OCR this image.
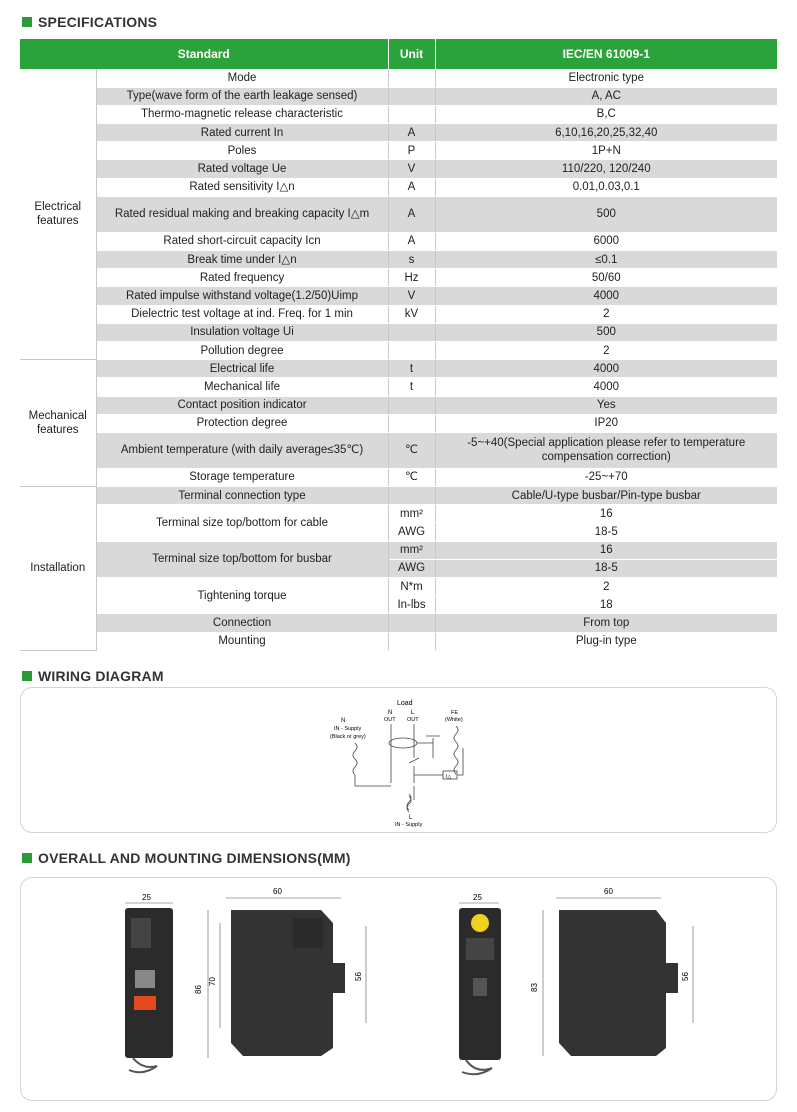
SPECIFICATIONS
Standard		Unit	IEC/EN 61009-1
Electrical features	Mode		Electronic type
	Type(wave form of the earth leakage sensed)		A, AC
	Thermo-magnetic release characteristic		B,C
	Rated current In	A	6,10,16,20,25,32,40
	Poles	P	1P+N
	Rated voltage Ue	V	110/220, 120/240
	Rated sensitivity I△n	A	0.01,0.03,0.1
	Rated residual making and breaking capacity I△m	A	500
	Rated short-circuit capacity Icn	A	6000
	Break time under I△n	s	≤0.1
	Rated frequency	Hz	50/60
	Rated impulse withstand voltage(1.2/50)Uimp	V	4000
	Dielectric test voltage at ind. Freq. for 1 min	kV	2
	Insulation voltage Ui		500
	Pollution degree		2
Mechanical features	Electrical life	t	4000
	Mechanical life	t	4000
	Contact position indicator		Yes
	Protection degree		IP20
	Ambient temperature (with daily average≤35℃)	℃	-5~+40(Special application please refer to temperature compensation correction)
	Storage temperature	℃	-25~+70
Installation	Terminal connection type		Cable/U-type busbar/Pin-type busbar
	Terminal size top/bottom for cable	mm²	16
		AWG	18-5
	Terminal size top/bottom for busbar	mm²	16
		AWG	18-5
	Tightening torque	N*m	2
		In-lbs	18
	Connection		From top
	Mounting		Plug-in type
WIRING DIAGRAM
Load
N
OUT
L
OUT
N
IN - Supply
(Black or grey)
FE
(White)
I△
L
IN - Supply
OVERALL AND MOUNTING DIMENSIONS(MM)
25
60
86
70
56
25
60
83
56
